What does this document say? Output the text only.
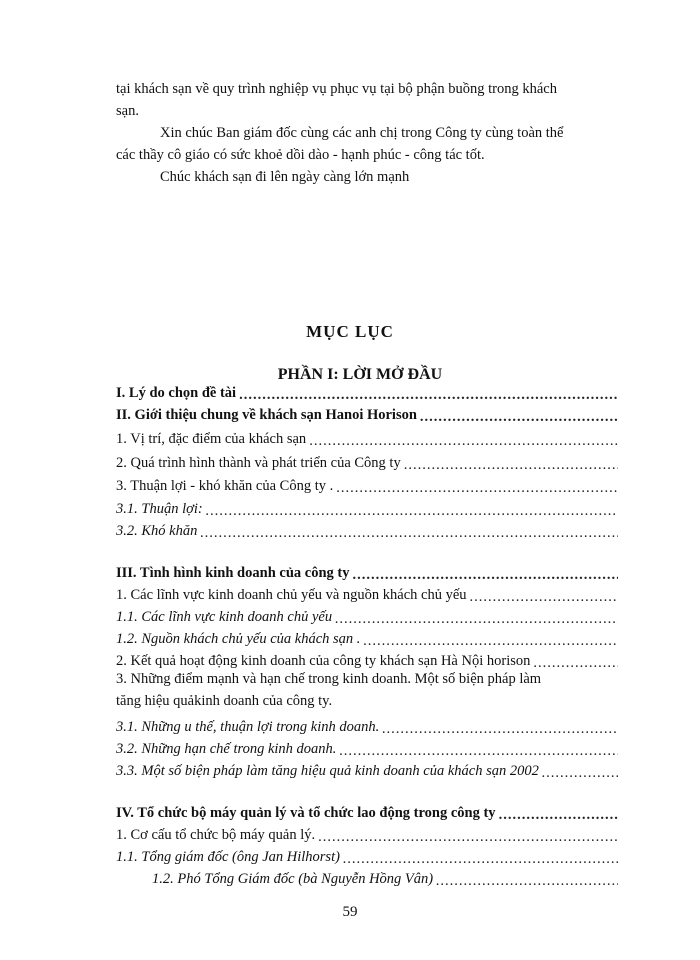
tại khách sạn về quy trình nghiệp vụ phục vụ tại bộ phận buồng trong khách
sạn.
Xin chúc Ban giám đốc cùng các anh chị trong Công ty cùng toàn thể
các thầy cô giáo có sức khoẻ dồi dào - hạnh phúc - công tác tốt.
Chúc khách sạn đi lên ngày càng lớn mạnh
MỤC LỤC
PHẦN I: LỜI MỞ ĐẦU
I. Lý do chọn đề tài
.....
II. Giới thiệu chung về khách sạn Hanoi Horison
.....
1. Vị trí, đặc điểm của khách sạn
.....
2. Quá trình hình thành và phát triển của Công ty
.....
3. Thuận lợi - khó khăn của Công ty .
.....
3.1. Thuận lợi:
.....
3.2. Khó khăn
.....
III. Tình hình kinh doanh của công ty
.....
1. Các lĩnh vực kinh doanh chủ yếu và nguồn khách chủ yếu
.....
1.1. Các lĩnh vực kinh doanh chủ yếu
.....
1.2. Nguồn khách chủ yếu của khách sạn .
.....
2. Kết quả hoạt động kinh doanh của công ty khách sạn Hà Nội horison
.....
3. Những điểm mạnh và hạn chế trong kinh doanh. Một số biện pháp làm
tăng hiệu quảkinh doanh của công ty.
3.1. Những u thế, thuận lợi trong kinh doanh.
.....
3.2. Những hạn chế trong kinh doanh.
.....
3.3. Một số biện pháp làm tăng hiệu quả kinh doanh của khách sạn 2002
.....
IV. Tổ chức bộ máy quản lý và tổ chức lao động trong công ty
.....
1. Cơ cấu tổ chức bộ máy quản lý.
.....
1.1. Tổng giám đốc (ông Jan Hilhorst)
.....
1.2. Phó Tổng Giám đốc (bà Nguyễn Hồng Vân)
.....
59
